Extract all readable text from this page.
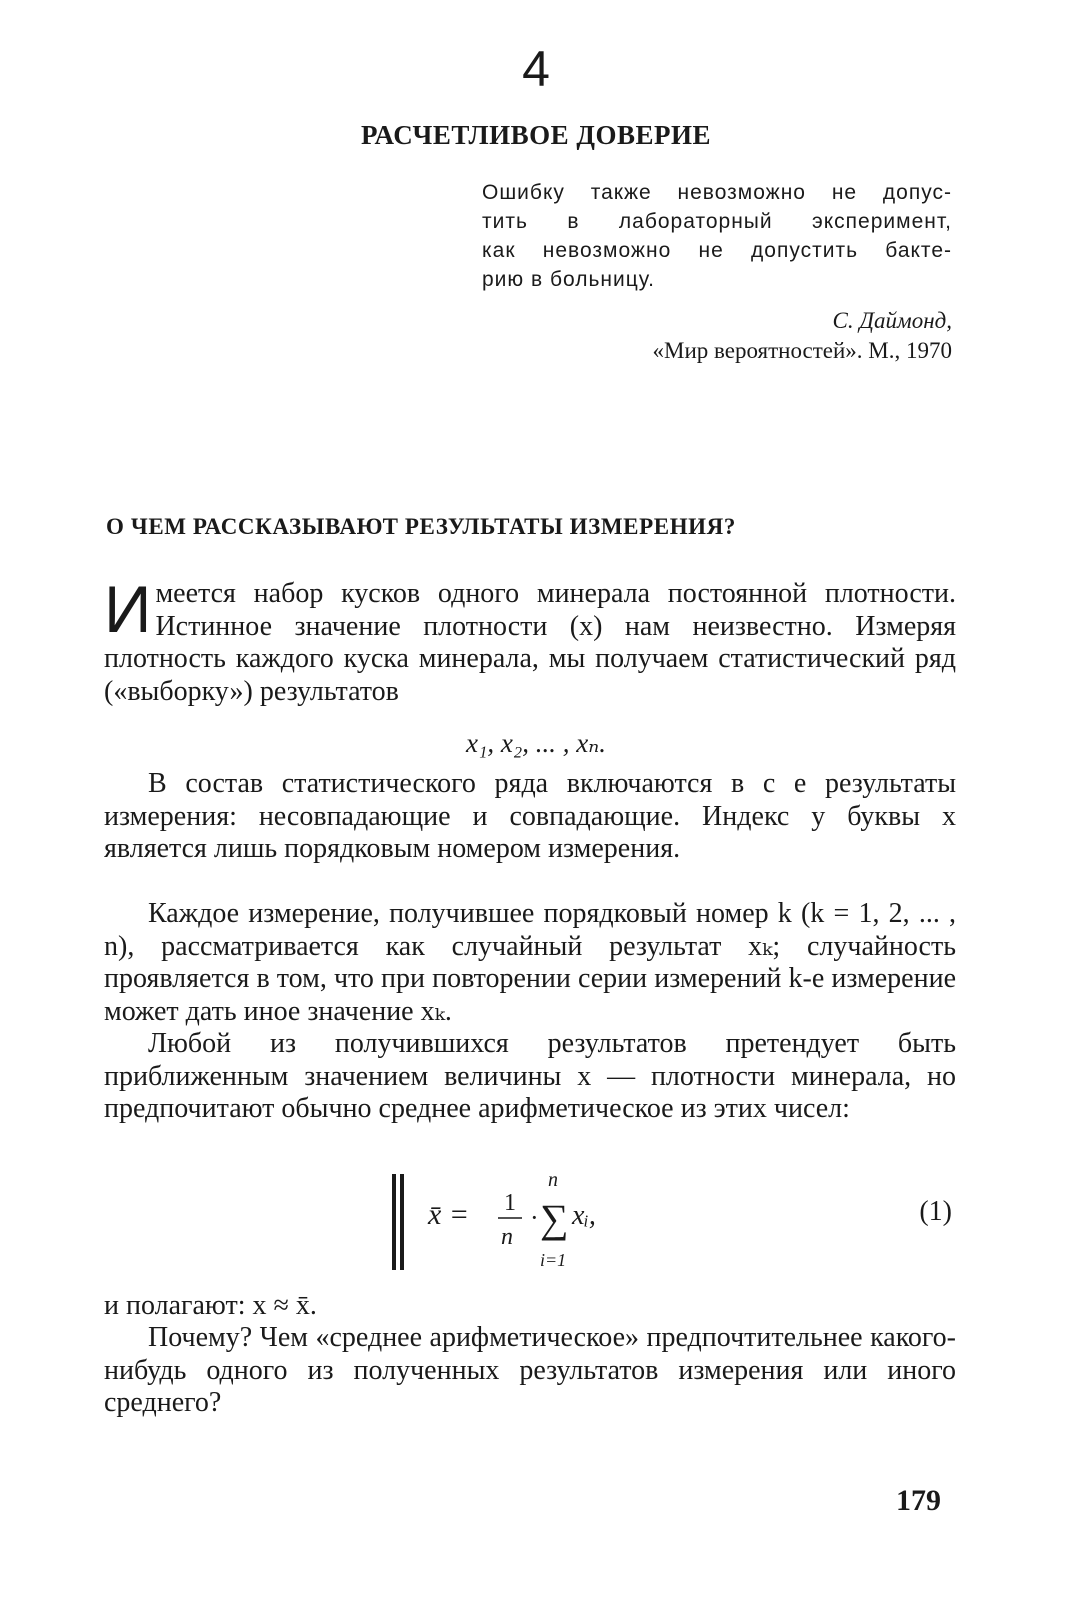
4
РАСЧЕТЛИВОЕ ДОВЕРИЕ
Ошибку также невозможно не допус-
тить в лабораторный эксперимент,
как невозможно не допустить бакте-
рию в больницу.
С. Даймонд,
«Мир вероятностей». М., 1970
О ЧЕМ РАССКАЗЫВАЮТ РЕЗУЛЬТАТЫ ИЗМЕРЕНИЯ?
Имеется набор кусков одного минерала постоянной плотности. Истинное значение плотности (x) нам неизвестно. Измеряя плотность каждого куска минерала, мы получаем статистический ряд («выборку») результатов
x₁, x₂, ... , xₙ.
В состав статистического ряда включаются в с е результаты измерения: несовпадающие и совпадающие. Индекс у буквы x является лишь порядковым номером измерения.
Каждое измерение, получившее порядковый номер k (k = 1, 2, ... , n), рассматривается как случайный результат xₖ; случайность проявляется в том, что при повторении серии измерений k-е измерение может дать иное значение xₖ.
Любой из получившихся результатов претендует быть приближенным значением величины x — плотности минерала, но предпочитают обычно среднее арифметическое из этих чисел:
x̄ = 1
n
·
n
∑
i=1
xᵢ,	(1)
и полагают: x ≈ x̄.
Почему? Чем «среднее арифметическое» предпочтительнее какого-нибудь одного из полученных результатов измерения или иного среднего?
179
